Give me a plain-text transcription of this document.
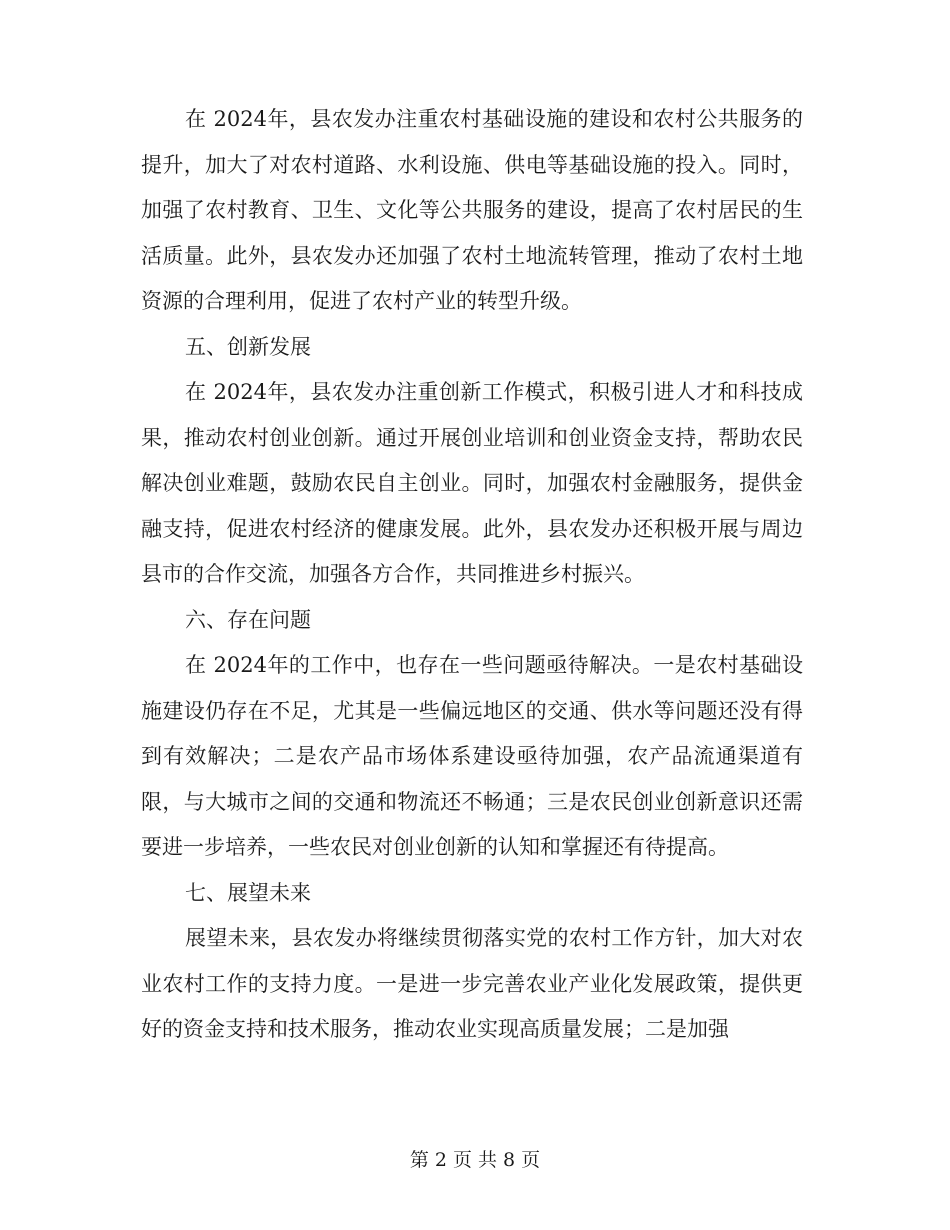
在 2024年，县农发办注重农村基础设施的建设和农村公共服务的提升，加大了对农村道路、水利设施、供电等基础设施的投入。同时，加强了农村教育、卫生、文化等公共服务的建设，提高了农村居民的生活质量。此外，县农发办还加强了农村土地流转管理，推动了农村土地资源的合理利用，促进了农村产业的转型升级。

五、创新发展

在 2024年，县农发办注重创新工作模式，积极引进人才和科技成果，推动农村创业创新。通过开展创业培训和创业资金支持，帮助农民解决创业难题，鼓励农民自主创业。同时，加强农村金融服务，提供金融支持，促进农村经济的健康发展。此外，县农发办还积极开展与周边县市的合作交流，加强各方合作，共同推进乡村振兴。

六、存在问题

在 2024年的工作中，也存在一些问题亟待解决。一是农村基础设施建设仍存在不足，尤其是一些偏远地区的交通、供水等问题还没有得到有效解决；二是农产品市场体系建设亟待加强，农产品流通渠道有限，与大城市之间的交通和物流还不畅通；三是农民创业创新意识还需要进一步培养，一些农民对创业创新的认知和掌握还有待提高。

七、展望未来

展望未来，县农发办将继续贯彻落实党的农村工作方针，加大对农业农村工作的支持力度。一是进一步完善农业产业化发展政策，提供更好的资金支持和技术服务，推动农业实现高质量发展；二是加强

第 2 页 共 8 页
